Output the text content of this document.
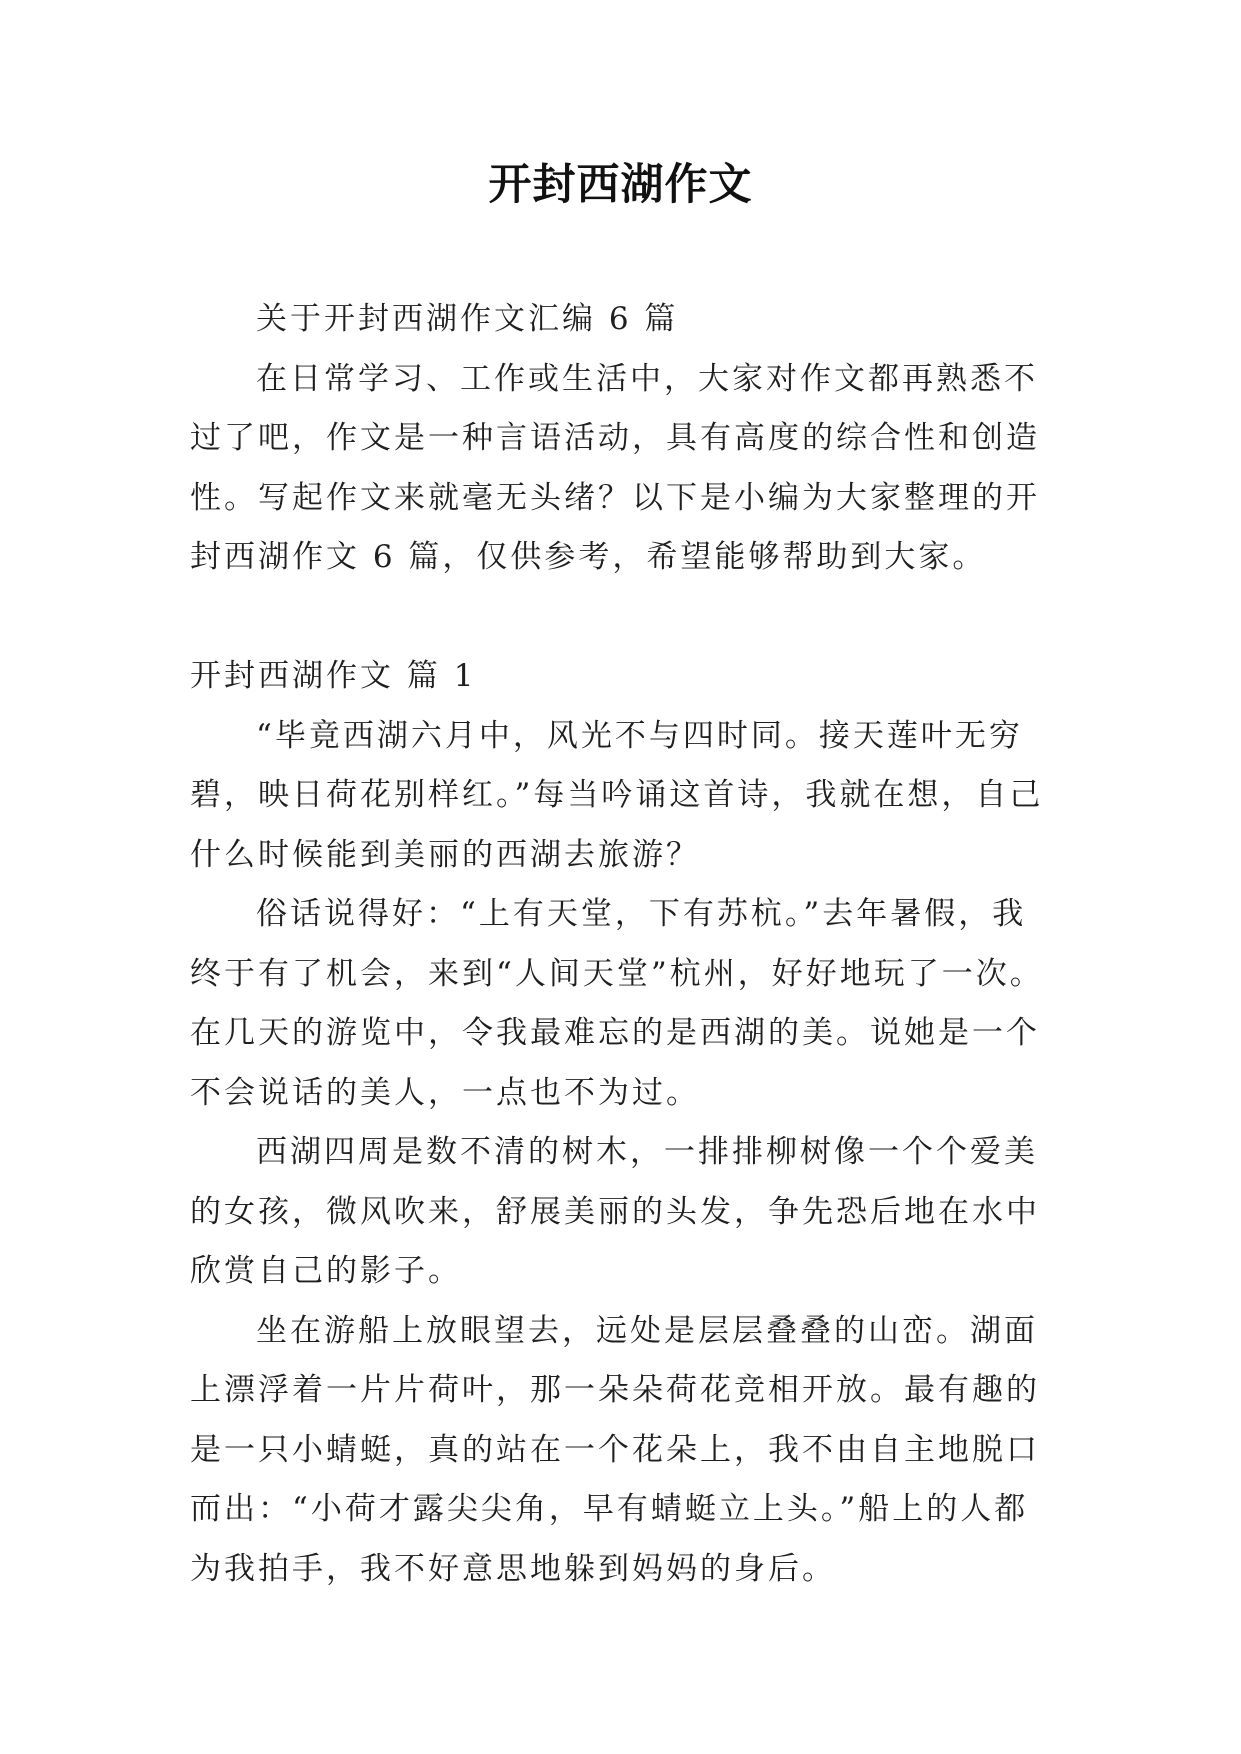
开封西湖作文

关于开封西湖作文汇编 6 篇

在日常学习、工作或生活中，大家对作文都再熟悉不过了吧，作文是一种言语活动，具有高度的综合性和创造性。写起作文来就毫无头绪？以下是小编为大家整理的开封西湖作文 6 篇，仅供参考，希望能够帮助到大家。

开封西湖作文 篇 1

“毕竟西湖六月中，风光不与四时同。接天莲叶无穷碧，映日荷花别样红。”每当吟诵这首诗，我就在想，自己什么时候能到美丽的西湖去旅游？

俗话说得好：“上有天堂，下有苏杭。”去年暑假，我终于有了机会，来到“人间天堂”杭州，好好地玩了一次。在几天的游览中，令我最难忘的是西湖的美。说她是一个不会说话的美人，一点也不为过。

西湖四周是数不清的树木，一排排柳树像一个个爱美的女孩，微风吹来，舒展美丽的头发，争先恐后地在水中欣赏自己的影子。

坐在游船上放眼望去，远处是层层叠叠的山峦。湖面上漂浮着一片片荷叶，那一朵朵荷花竞相开放。最有趣的是一只小蜻蜓，真的站在一个花朵上，我不由自主地脱口而出：“小荷才露尖尖角，早有蜻蜓立上头。”船上的人都为我拍手，我不好意思地躲到妈妈的身后。
